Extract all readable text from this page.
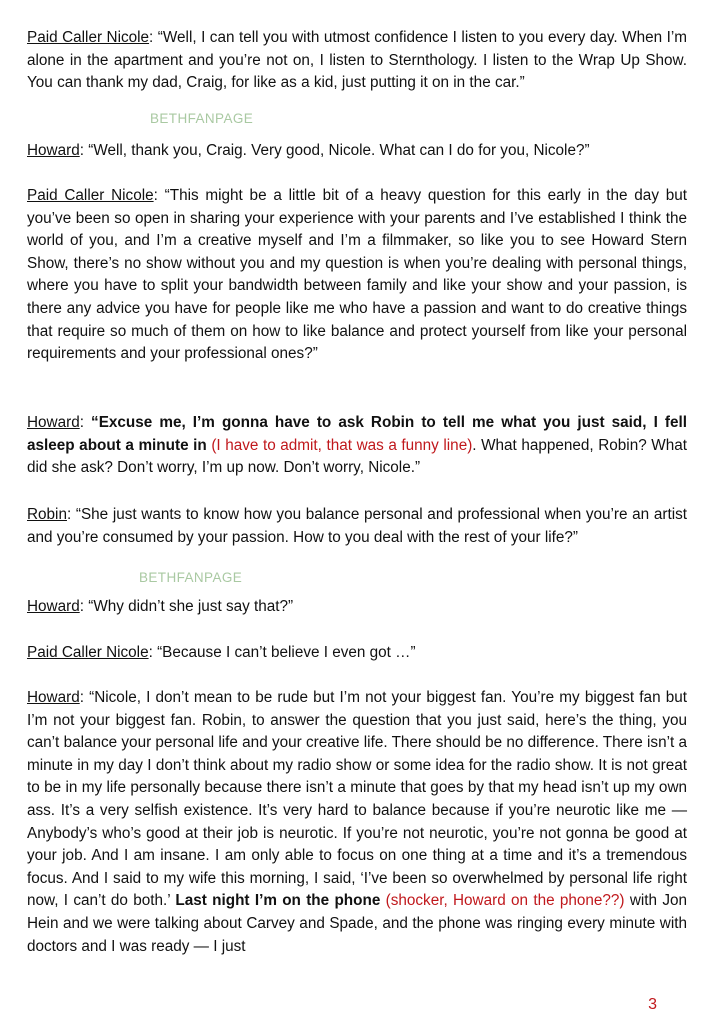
Paid Caller Nicole: “Well, I can tell you with utmost confidence I listen to you every day. When I’m alone in the apartment and you’re not on, I listen to Sternthology. I listen to the Wrap Up Show. You can thank my dad, Craig, for like as a kid, just putting it on in the car.”

BETHFANPAGE

Howard: “Well, thank you, Craig. Very good, Nicole. What can I do for you, Nicole?”

Paid Caller Nicole: “This might be a little bit of a heavy question for this early in the day but you’ve been so open in sharing your experience with your parents and I’ve established I think the world of you, and I’m a creative myself and I’m a filmmaker, so like you to see Howard Stern Show, there’s no show without you and my question is when you’re dealing with personal things, where you have to split your bandwidth between family and like your show and your passion, is there any advice you have for people like me who have a passion and want to do creative things that require so much of them on how to like balance and protect yourself from like your personal requirements and your professional ones?”

Howard: “Excuse me, I’m gonna have to ask Robin to tell me what you just said, I fell asleep about a minute in (I have to admit, that was a funny line). What happened, Robin? What did she ask? Don’t worry, I’m up now. Don’t worry, Nicole.”

Robin: “She just wants to know how you balance personal and professional when you’re an artist and you’re consumed by your passion. How to you deal with the rest of your life?”

BETHFANPAGE

Howard: “Why didn’t she just say that?”

Paid Caller Nicole: “Because I can’t believe I even got …”

Howard: “Nicole, I don’t mean to be rude but I’m not your biggest fan. You’re my biggest fan but I’m not your biggest fan. Robin, to answer the question that you just said, here’s the thing, you can’t balance your personal life and your creative life. There should be no difference. There isn’t a minute in my day I don’t think about my radio show or some idea for the radio show. It is not great to be in my life personally because there isn’t a minute that goes by that my head isn’t up my own ass. It’s a very selfish existence. It’s very hard to balance because if you’re neurotic like me — Anybody’s who’s good at their job is neurotic. If you’re not neurotic, you’re not gonna be good at your job. And I am insane. I am only able to focus on one thing at a time and it’s a tremendous focus. And I said to my wife this morning, I said, ‘I’ve been so overwhelmed by personal life right now, I can’t do both.’ Last night I’m on the phone (shocker, Howard on the phone??) with Jon Hein and we were talking about Carvey and Spade, and the phone was ringing every minute with doctors and I was ready — I just

3
